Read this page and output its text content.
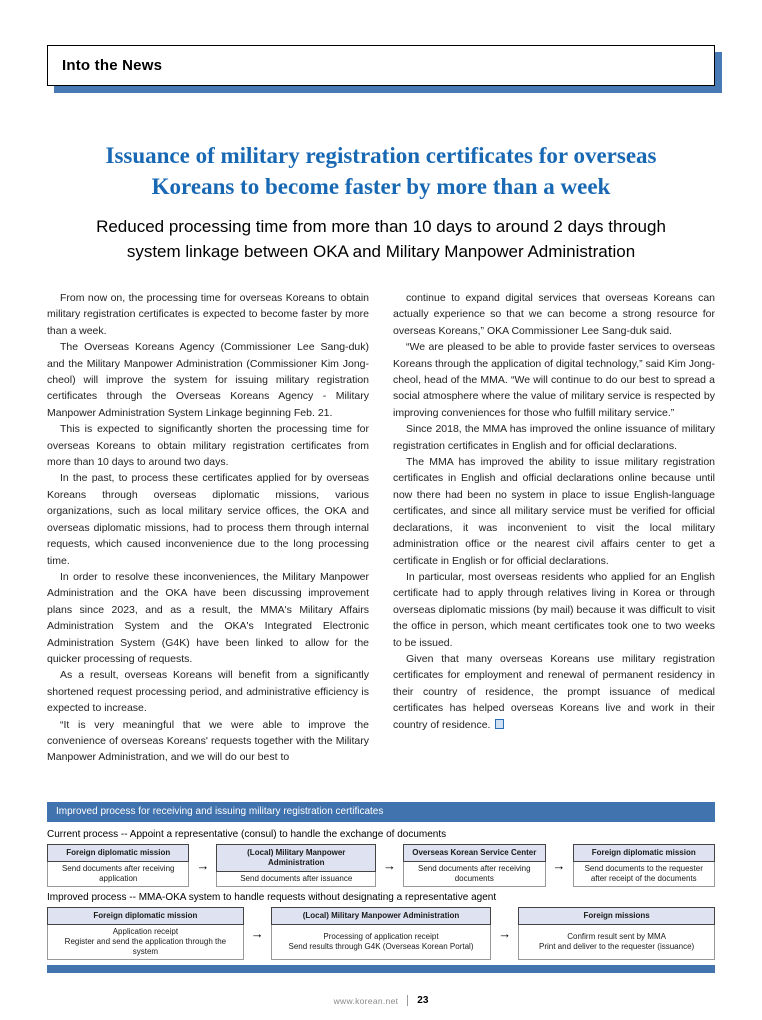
Into the News
Issuance of military registration certificates for overseas
Koreans to become faster by more than a week
Reduced processing time from more than 10 days to around 2 days through
system linkage between OKA and Military Manpower Administration

From now on, the processing time for overseas Koreans to obtain military registration certificates is expected to become faster by more than a week.

The Overseas Koreans Agency (Commissioner Lee Sang-duk) and the Military Manpower Administration (Commissioner Kim Jong-cheol) will improve the system for issuing military registration certificates through the Overseas Koreans Agency - Military Manpower Administration System Linkage beginning Feb. 21.

This is expected to significantly shorten the processing time for overseas Koreans to obtain military registration certificates from more than 10 days to around two days.

In the past, to process these certificates applied for by overseas Koreans through overseas diplomatic missions, various organizations, such as local military service offices, the OKA and overseas diplomatic missions, had to process them through internal requests, which caused inconvenience due to the long processing time.

In order to resolve these inconveniences, the Military Manpower Administration and the OKA have been discussing improvement plans since 2023, and as a result, the MMA's Military Affairs Administration System and the OKA's Integrated Electronic Administration System (G4K) have been linked to allow for the quicker processing of requests.

As a result, overseas Koreans will benefit from a significantly shortened request processing period, and administrative efficiency is expected to increase.

“It is very meaningful that we were able to improve the convenience of overseas Koreans' requests together with the Military Manpower Administration, and we will do our best to

continue to expand digital services that overseas Koreans can actually experience so that we can become a strong resource for overseas Koreans,” OKA Commissioner Lee Sang-duk said.

“We are pleased to be able to provide faster services to overseas Koreans through the application of digital technology,” said Kim Jong-cheol, head of the MMA. “We will continue to do our best to spread a social atmosphere where the value of military service is respected by improving conveniences for those who fulfill military service.”

Since 2018, the MMA has improved the online issuance of military registration certificates in English and for official declarations.

The MMA has improved the ability to issue military registration certificates in English and official declarations online because until now there had been no system in place to issue English-language certificates, and since all military service must be verified for official declarations, it was inconvenient to visit the local military administration office or the nearest civil affairs center to get a certificate in English or for official declarations.

In particular, most overseas residents who applied for an English certificate had to apply through relatives living in Korea or through overseas diplomatic missions (by mail) because it was difficult to visit the office in person, which meant certificates took one to two weeks to be issued.

Given that many overseas Koreans use military registration certificates for employment and renewal of permanent residency in their country of residence, the prompt issuance of medical certificates has helped overseas Koreans live and work in their country of residence.

Improved process for receiving and issuing military registration certificates
Current process -- Appoint a representative (consul) to handle the exchange of documents
Foreign diplomatic mission
Send documents after receiving application
→
(Local) Military Manpower Administration
Send documents after issuance
→
Overseas Korean Service Center
Send documents after receiving documents
→
Foreign diplomatic mission
Send documents to the requester after receipt of the documents
Improved process -- MMA-OKA system to handle requests without designating a representative agent
Foreign diplomatic mission
Application receipt
Register and send the application through the system
→
(Local) Military Manpower Administration
Processing of application receipt
Send results through G4K (Overseas Korean Portal)
→
Foreign missions
Confirm result sent by MMA
Print and deliver to the requester (issuance)
www.korean.net 23
